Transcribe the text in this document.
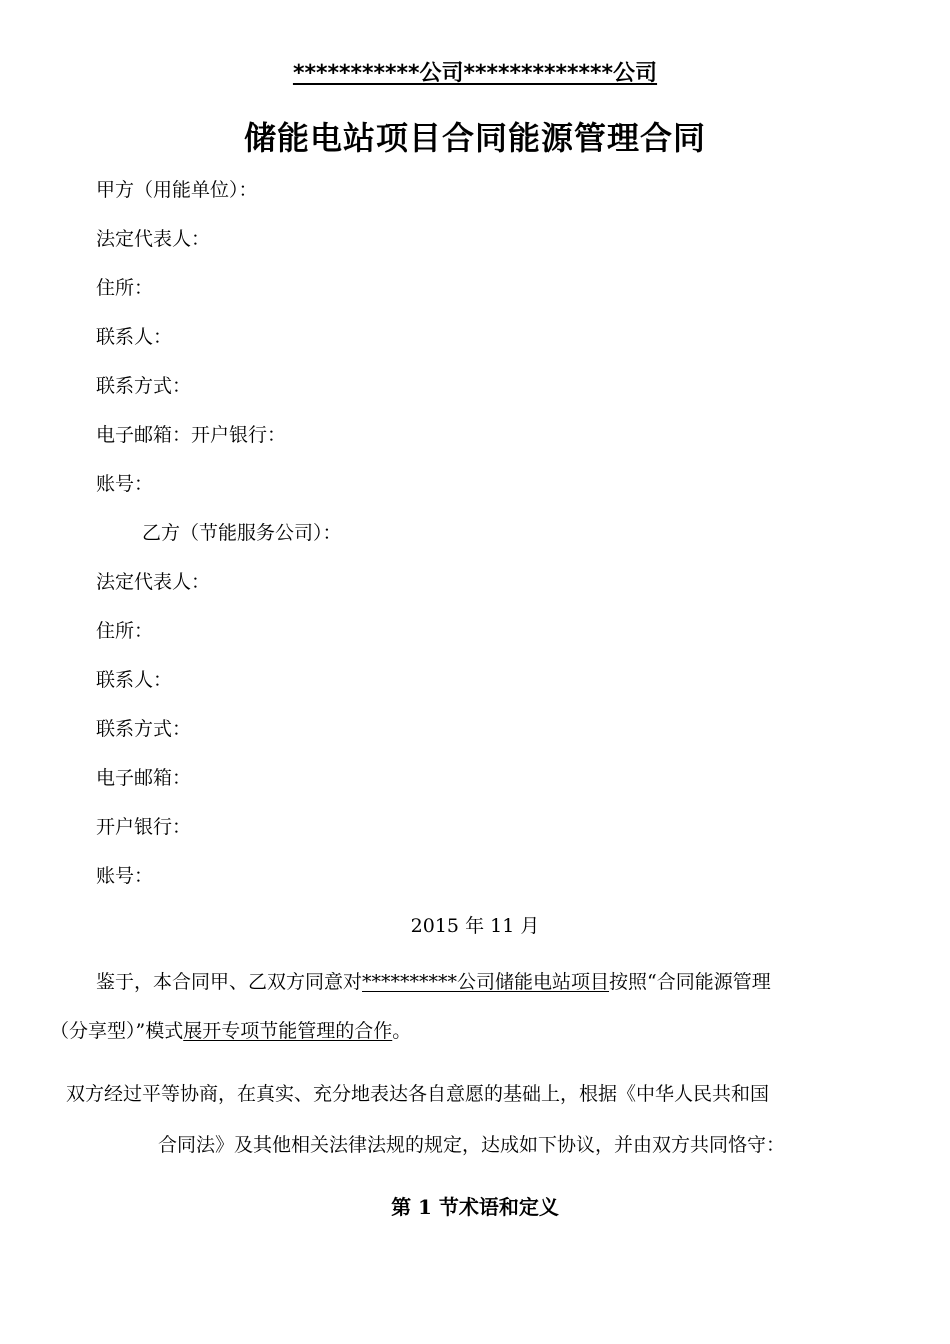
***********公司*************公司
储能电站项目合同能源管理合同
甲方（用能单位）：
法定代表人：
住所：
联系人：
联系方式：
电子邮箱：开户银行：
账号：
乙方（节能服务公司）：
法定代表人：
住所：
联系人：
联系方式：
电子邮箱：
开户银行：
账号：
2015 年 11 月
鉴于，本合同甲、乙双方同意对**********公司储能电站项目按照“合同能源管理
（分享型）”模式展开专项节能管理的合作。
双方经过平等协商，在真实、充分地表达各自意愿的基础上，根据《中华人民共和国
合同法》及其他相关法律法规的规定，达成如下协议，并由双方共同恪守：
第 1 节术语和定义
